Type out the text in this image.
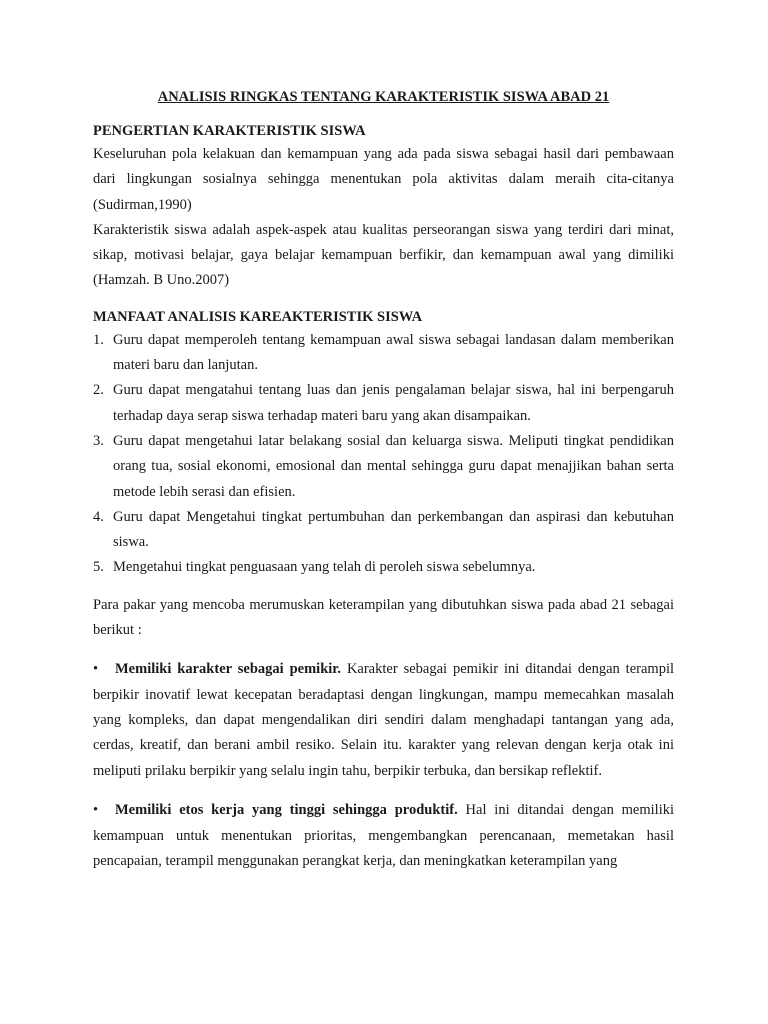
ANALISIS RINGKAS TENTANG KARAKTERISTIK SISWA ABAD 21

PENGERTIAN KARAKTERISTIK SISWA

Keseluruhan pola kelakuan dan kemampuan yang ada pada siswa sebagai hasil dari pembawaan dari lingkungan sosialnya sehingga menentukan pola aktivitas dalam meraih cita-citanya (Sudirman,1990)

Karakteristik siswa adalah aspek-aspek atau kualitas perseorangan siswa yang terdiri dari minat, sikap, motivasi belajar, gaya belajar kemampuan berfikir, dan kemampuan awal yang dimiliki (Hamzah. B Uno.2007)

MANFAAT ANALISIS KAREAKTERISTIK SISWA

1. Guru dapat memperoleh tentang kemampuan awal siswa sebagai landasan dalam memberikan materi baru dan lanjutan.
2. Guru dapat mengatahui tentang luas dan jenis pengalaman belajar siswa, hal ini berpengaruh terhadap daya serap siswa terhadap materi baru yang akan disampaikan.
3. Guru dapat mengetahui latar belakang sosial dan keluarga siswa. Meliputi tingkat pendidikan orang tua, sosial ekonomi, emosional dan mental sehingga guru dapat menajjikan bahan serta metode lebih serasi dan efisien.
4. Guru dapat Mengetahui tingkat pertumbuhan dan perkembangan dan aspirasi dan kebutuhan siswa.
5. Mengetahui tingkat penguasaan yang telah di peroleh siswa sebelumnya.

Para pakar yang mencoba merumuskan keterampilan yang dibutuhkan siswa pada abad 21 sebagai berikut :

• Memiliki karakter sebagai pemikir. Karakter sebagai pemikir ini ditandai dengan terampil berpikir inovatif lewat kecepatan beradaptasi dengan lingkungan, mampu memecahkan masalah yang kompleks, dan dapat mengendalikan diri sendiri dalam menghadapi tantangan yang ada, cerdas, kreatif, dan berani ambil resiko. Selain itu. karakter yang relevan dengan kerja otak ini meliputi prilaku berpikir yang selalu ingin tahu, berpikir terbuka, dan bersikap reflektif.

• Memiliki etos kerja yang tinggi sehingga produktif. Hal ini ditandai dengan memiliki kemampuan untuk menentukan prioritas, mengembangkan perencanaan, memetakan hasil pencapaian, terampil menggunakan perangkat kerja, dan meningkatkan keterampilan yang
